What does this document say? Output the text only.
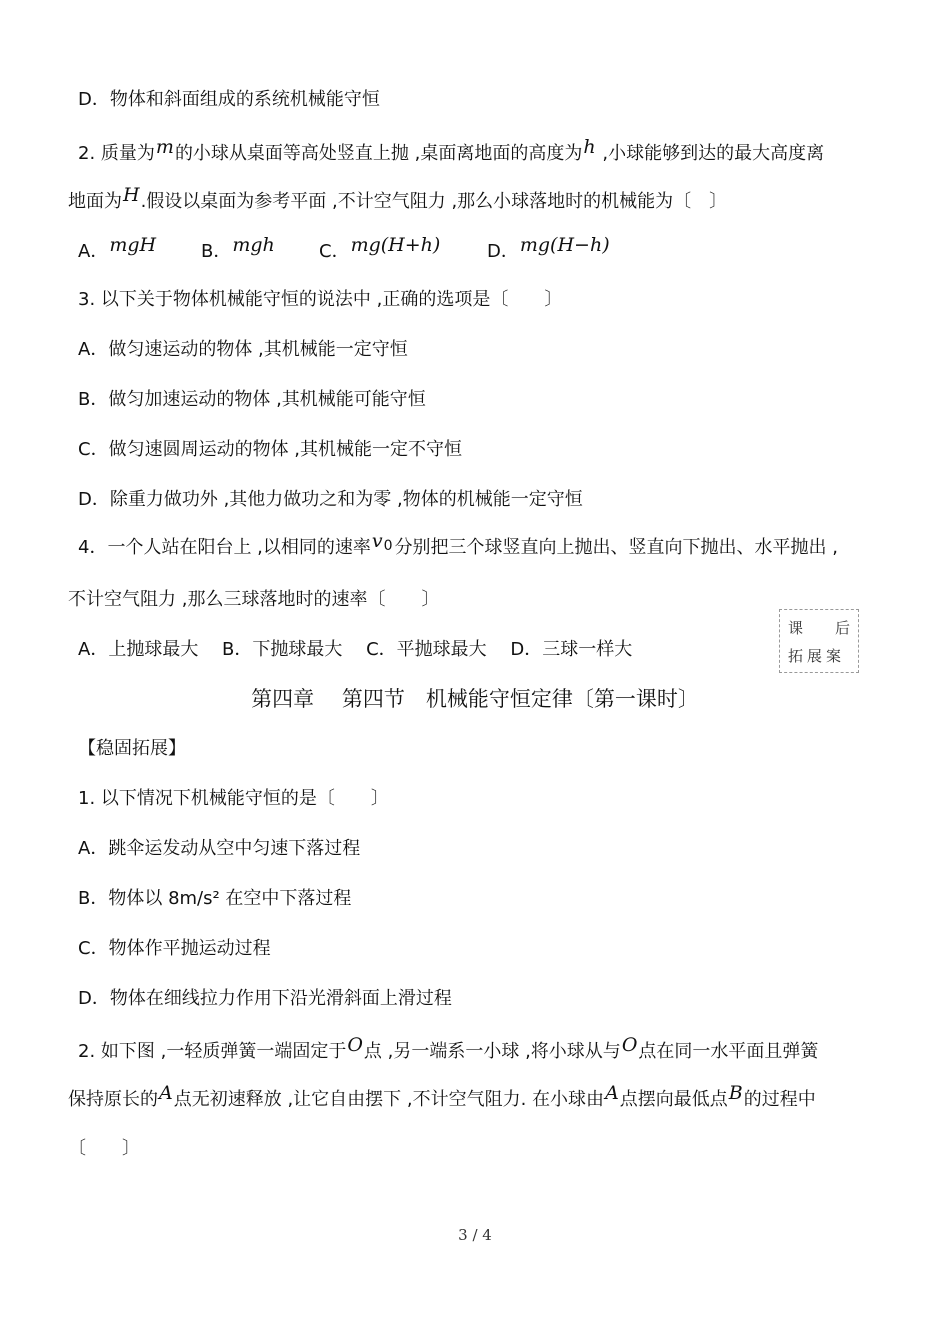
D．物体和斜面组成的系统机械能守恒
2. 质量为m的小球从桌面等高处竖直上抛 ,桌面离地面的高度为h ,小球能够到达的最大高度离
地面为H.假设以桌面为参考平面 ,不计空气阻力 ,那么小球落地时的机械能为〔　〕
A．mgH B．mgh C．mg(H+h)	D．mg(H−h)
3. 以下关于物体机械能守恒的说法中 ,正确的选项是〔　　〕
A．做匀速运动的物体 ,其机械能一定守恒
B．做匀加速运动的物体 ,其机械能可能守恒
C．做匀速圆周运动的物体 ,其机械能一定不守恒
D．除重力做功外 ,其他力做功之和为零 ,物体的机械能一定守恒
4．一个人站在阳台上 ,以相同的速率v0 分别把三个球竖直向上抛出、竖直向下抛出、水平抛出 ,
不计空气阻力 ,那么三球落地时的速率〔　　〕
A．上抛球最大　 B．下抛球最大　 C．平抛球最大　 D．三球一样大
课 后
拓展案
第四章　 第四节　机械能守恒定律〔第一课时〕
【稳固拓展】
1. 以下情况下机械能守恒的是〔　　〕
A．跳伞运发动从空中匀速下落过程
B．物体以 8m/s² 在空中下落过程
C．物体作平抛运动过程
D．物体在细线拉力作用下沿光滑斜面上滑过程
2. 如下图 ,一轻质弹簧一端固定于O点 ,另一端系一小球 ,将小球从与O点在同一水平面且弹簧
保持原长的A点无初速释放 ,让它自由摆下 ,不计空气阻力. 在小球由A点摆向最低点B的过程中
〔　　〕
3 / 4
